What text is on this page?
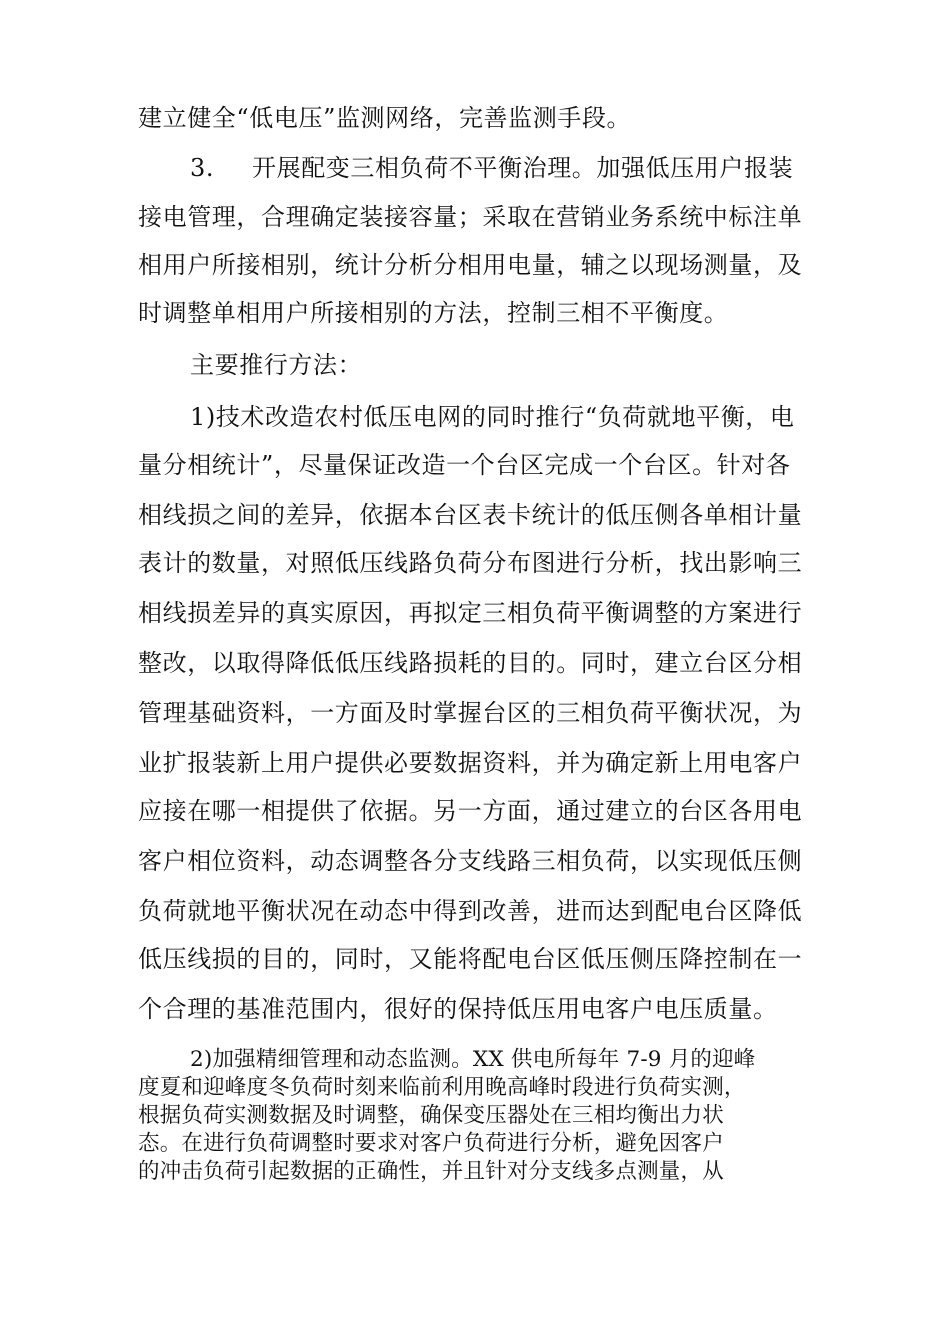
建立健全“低电压”监测网络，完善监测手段。
3. 开展配变三相负荷不平衡治理。加强低压用户报装
接电管理，合理确定装接容量；采取在营销业务系统中标注单
相用户所接相别，统计分析分相用电量，辅之以现场测量，及
时调整单相用户所接相别的方法，控制三相不平衡度。
主要推行方法：
1)技术改造农村低压电网的同时推行“负荷就地平衡，电
量分相统计”，尽量保证改造一个台区完成一个台区。针对各
相线损之间的差异，依据本台区表卡统计的低压侧各单相计量
表计的数量，对照低压线路负荷分布图进行分析，找出影响三
相线损差异的真实原因，再拟定三相负荷平衡调整的方案进行
整改，以取得降低低压线路损耗的目的。同时，建立台区分相
管理基础资料，一方面及时掌握台区的三相负荷平衡状况，为
业扩报装新上用户提供必要数据资料，并为确定新上用电客户
应接在哪一相提供了依据。另一方面，通过建立的台区各用电
客户相位资料，动态调整各分支线路三相负荷，以实现低压侧
负荷就地平衡状况在动态中得到改善，进而达到配电台区降低
低压线损的目的，同时，又能将配电台区低压侧压降控制在一
个合理的基准范围内，很好的保持低压用电客户电压质量。
2)加强精细管理和动态监测。XX 供电所每年 7-9 月的迎峰
度夏和迎峰度冬负荷时刻来临前利用晚高峰时段进行负荷实测，
根据负荷实测数据及时调整，确保变压器处在三相均衡出力状
态。在进行负荷调整时要求对客户负荷进行分析，避免因客户
的冲击负荷引起数据的正确性，并且针对分支线多点测量，从
